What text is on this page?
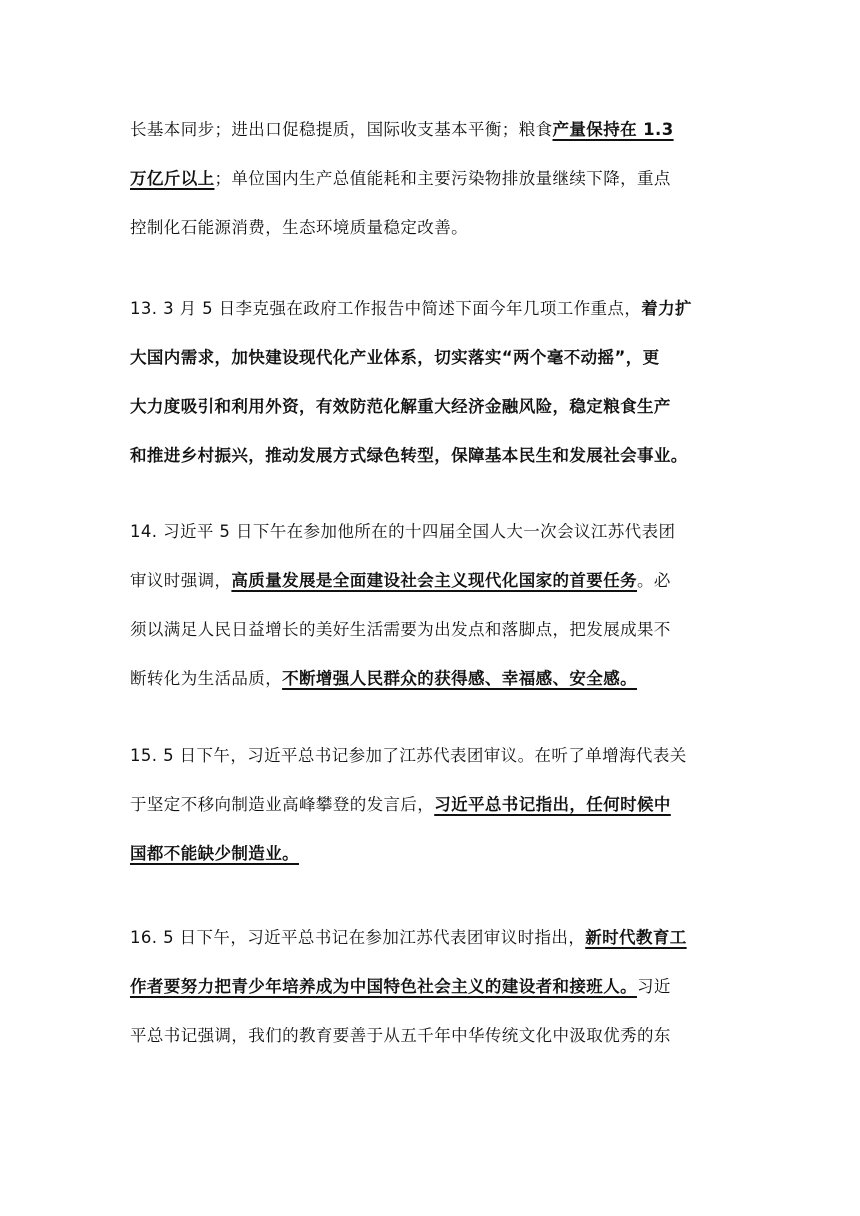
长基本同步；进出口促稳提质，国际收支基本平衡；粮食产量保持在 1.3
万亿斤以上；单位国内生产总值能耗和主要污染物排放量继续下降，重点
控制化石能源消费，生态环境质量稳定改善。
13. 3 月 5 日李克强在政府工作报告中简述下面今年几项工作重点，着力扩
大国内需求，加快建设现代化产业体系，切实落实“两个毫不动摇”，更
大力度吸引和利用外资，有效防范化解重大经济金融风险，稳定粮食生产
和推进乡村振兴，推动发展方式绿色转型，保障基本民生和发展社会事业。
14. 习近平 5 日下午在参加他所在的十四届全国人大一次会议江苏代表团
审议时强调，高质量发展是全面建设社会主义现代化国家的首要任务。必
须以满足人民日益增长的美好生活需要为出发点和落脚点，把发展成果不
断转化为生活品质，不断增强人民群众的获得感、幸福感、安全感。
15. 5 日下午，习近平总书记参加了江苏代表团审议。在听了单增海代表关
于坚定不移向制造业高峰攀登的发言后，习近平总书记指出，任何时候中
国都不能缺少制造业。
16. 5 日下午，习近平总书记在参加江苏代表团审议时指出，新时代教育工
作者要努力把青少年培养成为中国特色社会主义的建设者和接班人。习近
平总书记强调，我们的教育要善于从五千年中华传统文化中汲取优秀的东
